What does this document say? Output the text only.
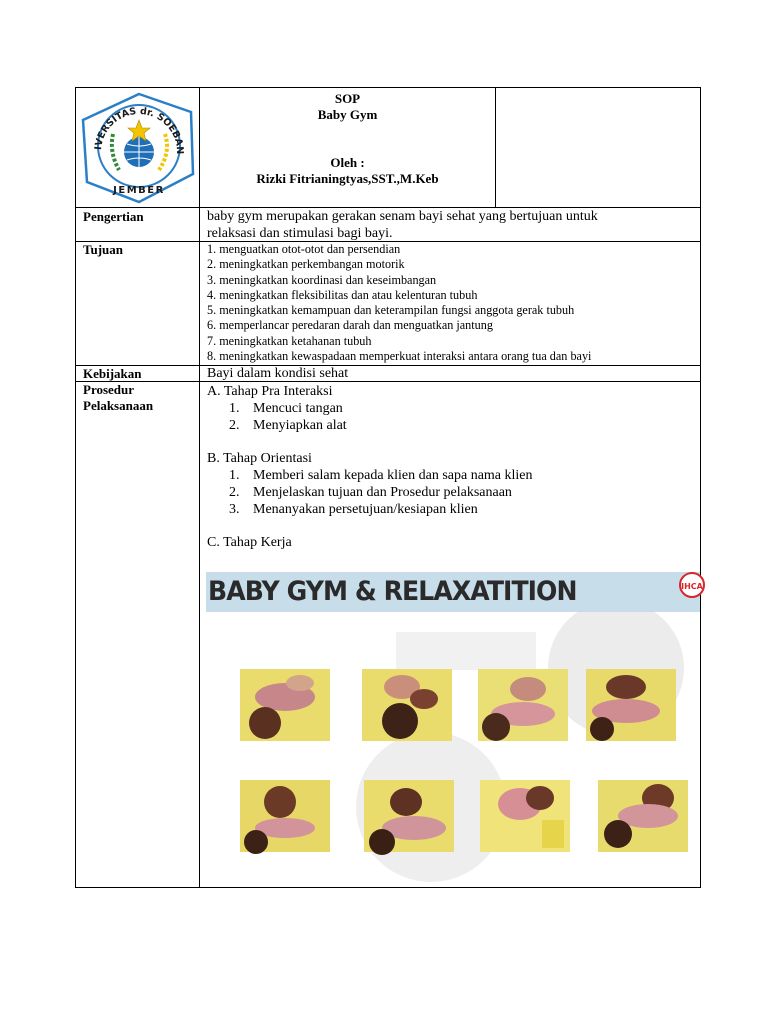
IVERSITAS dr. SOEBAN
JEMBER
SOP
Baby Gym
Oleh :
Rizki Fitrianingtyas,SST.,M.Keb
Pengertian	baby gym merupakan gerakan senam bayi sehat yang bertujuan untuk
relaksasi dan stimulasi bagi bayi.
Tujuan	1. menguatkan otot-otot dan persendian
2. meningkatkan perkembangan motorik
3. meningkatkan koordinasi dan keseimbangan
4. meningkatkan fleksibilitas dan atau kelenturan tubuh
5. meningkatkan kemampuan dan keterampilan fungsi anggota gerak tubuh
6. memperlancar peredaran darah dan menguatkan jantung
7. meningkatkan ketahanan tubuh
8. meningkatkan kewaspadaan memperkuat interaksi antara orang tua dan bayi
Kebijakan	Bayi dalam kondisi sehat
Prosedur
Pelaksanaan
A. Tahap Pra Interaksi
1. Mencuci tangan
2. Menyiapkan alat
B. Tahap Orientasi
1. Memberi salam kepada klien dan sapa nama klien
2. Menjelaskan tujuan dan Prosedur pelaksanaan
3. Menanyakan persetujuan/kesiapan klien
C. Tahap Kerja
IHCA
BABY GYM & RELAXATITION
